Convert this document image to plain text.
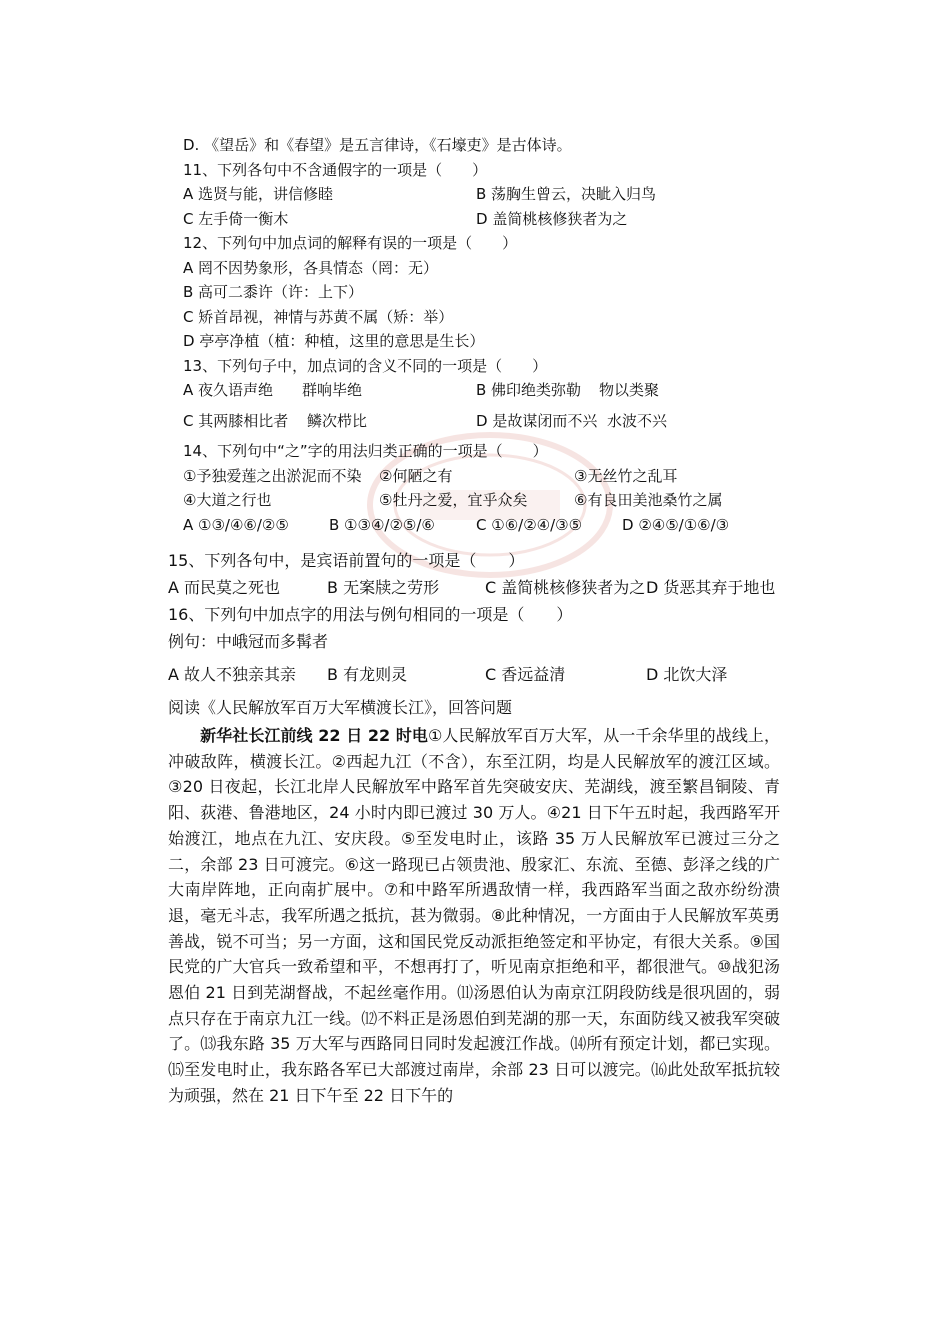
D. 《望岳》和《春望》是五言律诗，《石壕吏》是古体诗。
11、下列各句中不含通假字的一项是（　　）
A 选贤与能，讲信修睦	B 荡胸生曾云，决眦入归鸟
C 左手倚一衡木	D 盖简桃核修狭者为之
12、下列句中加点词的解释有误的一项是（　　）
A 罔不因势象形，各具情态（罔：无）
B 高可二黍许（许：上下）
C 矫首昂视，神情与苏黄不属（矫：举）
D 亭亭净植（植：种植，这里的意思是生长）
13、下列句子中，加点词的含义不同的一项是（　　）
A 夜久语声绝 群响毕绝	B 佛印绝类弥勒 物以类聚
C 其两膝相比者 鳞次栉比	D 是故谋闭而不兴 水波不兴
14、下列句中“之”字的用法归类正确的一项是（　　）
①予独爱莲之出淤泥而不染 ②何陋之有	③无丝竹之乱耳
④大道之行也	⑤牡丹之爱，宜乎众矣	⑥有良田美池桑竹之属
A ①③/④⑥/②⑤	B ①③④/②⑤/⑥	C ①⑥/②④/③⑤	D ②④⑤/①⑥/③
15、下列各句中，是宾语前置句的一项是（　　）
A 而民莫之死也	B 无案牍之劳形	C 盖简桃核修狭者为之 D 货恶其弃于地也
16、下列句中加点字的用法与例句相同的一项是（　　）
例句：中峨冠而多髯者
A 故人不独亲其亲 B 有龙则灵	C 香远益清	D 北饮大泽
阅读《人民解放军百万大军横渡长江》，回答问题
新华社长江前线 22 日 22 时电①人民解放军百万大军，从一千余华里的战线上，冲破敌阵，横渡长江。②西起九江（不含），东至江阴，均是人民解放军的渡江区域。③20 日夜起，长江北岸人民解放军中路军首先突破安庆、芜湖线，渡至繁昌铜陵、青阳、荻港、鲁港地区，24 小时内即已渡过 30 万人。④21 日下午五时起，我西路军开始渡江，地点在九江、安庆段。⑤至发电时止，该路 35 万人民解放军已渡过三分之二，余部 23 日可渡完。⑥这一路现已占领贵池、殷家汇、东流、至德、彭泽之线的广大南岸阵地，正向南扩展中。⑦和中路军所遇敌情一样，我西路军当面之敌亦纷纷溃退，毫无斗志，我军所遇之抵抗，甚为微弱。⑧此种情况，一方面由于人民解放军英勇善战，锐不可当；另一方面，这和国民党反动派拒绝签定和平协定，有很大关系。⑨国民党的广大官兵一致希望和平，不想再打了，听见南京拒绝和平，都很泄气。⑩战犯汤恩伯 21 日到芜湖督战，不起丝毫作用。⑾汤恩伯认为南京江阴段防线是很巩固的，弱点只存在于南京九江一线。⑿不料正是汤恩伯到芜湖的那一天，东面防线又被我军突破了。⒀我东路 35 万大军与西路同日同时发起渡江作战。⒁所有预定计划，都已实现。⒂至发电时止，我东路各军已大部渡过南岸，余部 23 日可以渡完。⒃此处敌军抵抗较为顽强，然在 21 日下午至 22 日下午的
